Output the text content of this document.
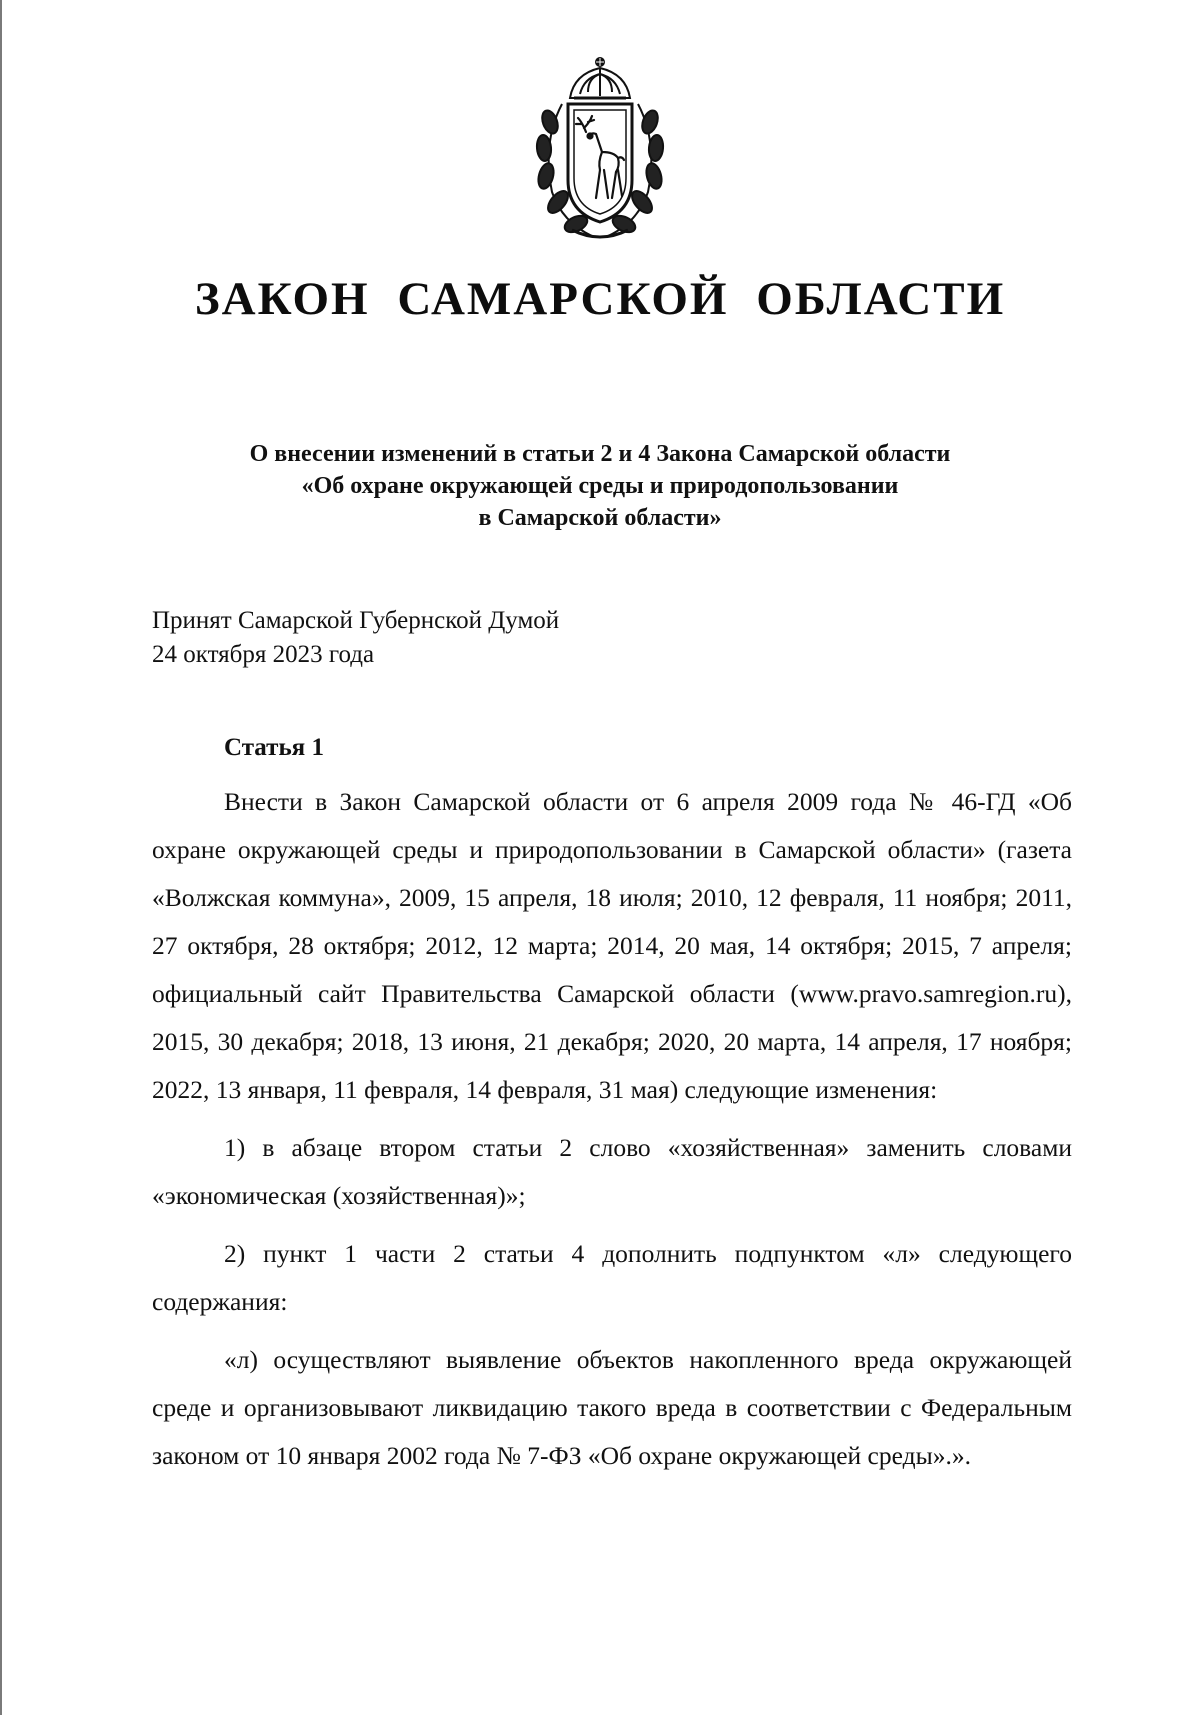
ЗАКОН САМАРСКОЙ ОБЛАСТИ
О внесении изменений в статьи 2 и 4 Закона Самарской области
«Об охране окружающей среды и природопользовании
в Самарской области»
Принят Самарской Губернской Думой
24 октября 2023 года
Статья 1

Внести в Закон Самарской области от 6 апреля 2009 года № 46-ГД «Об охране окружающей среды и природопользовании в Самарской области» (газета «Волжская коммуна», 2009, 15 апреля, 18 июля; 2010, 12 февраля, 11 ноября; 2011, 27 октября, 28 октября; 2012, 12 марта; 2014, 20 мая, 14 октября; 2015, 7 апреля; официальный сайт Правительства Самарской области (www.pravo.samregion.ru), 2015, 30 декабря; 2018, 13 июня, 21 декабря; 2020, 20 марта, 14 апреля, 17 ноября; 2022, 13 января, 11 февраля, 14 февраля, 31 мая) следующие изменения:

1) в абзаце втором статьи 2 слово «хозяйственная» заменить словами «экономическая (хозяйственная)»;

2) пункт 1 части 2 статьи 4 дополнить подпунктом «л» следующего содержания:

«л) осуществляют выявление объектов накопленного вреда окружающей среде и организовывают ликвидацию такого вреда в соответствии с Федеральным законом от 10 января 2002 года № 7-ФЗ «Об охране окружающей среды».».
